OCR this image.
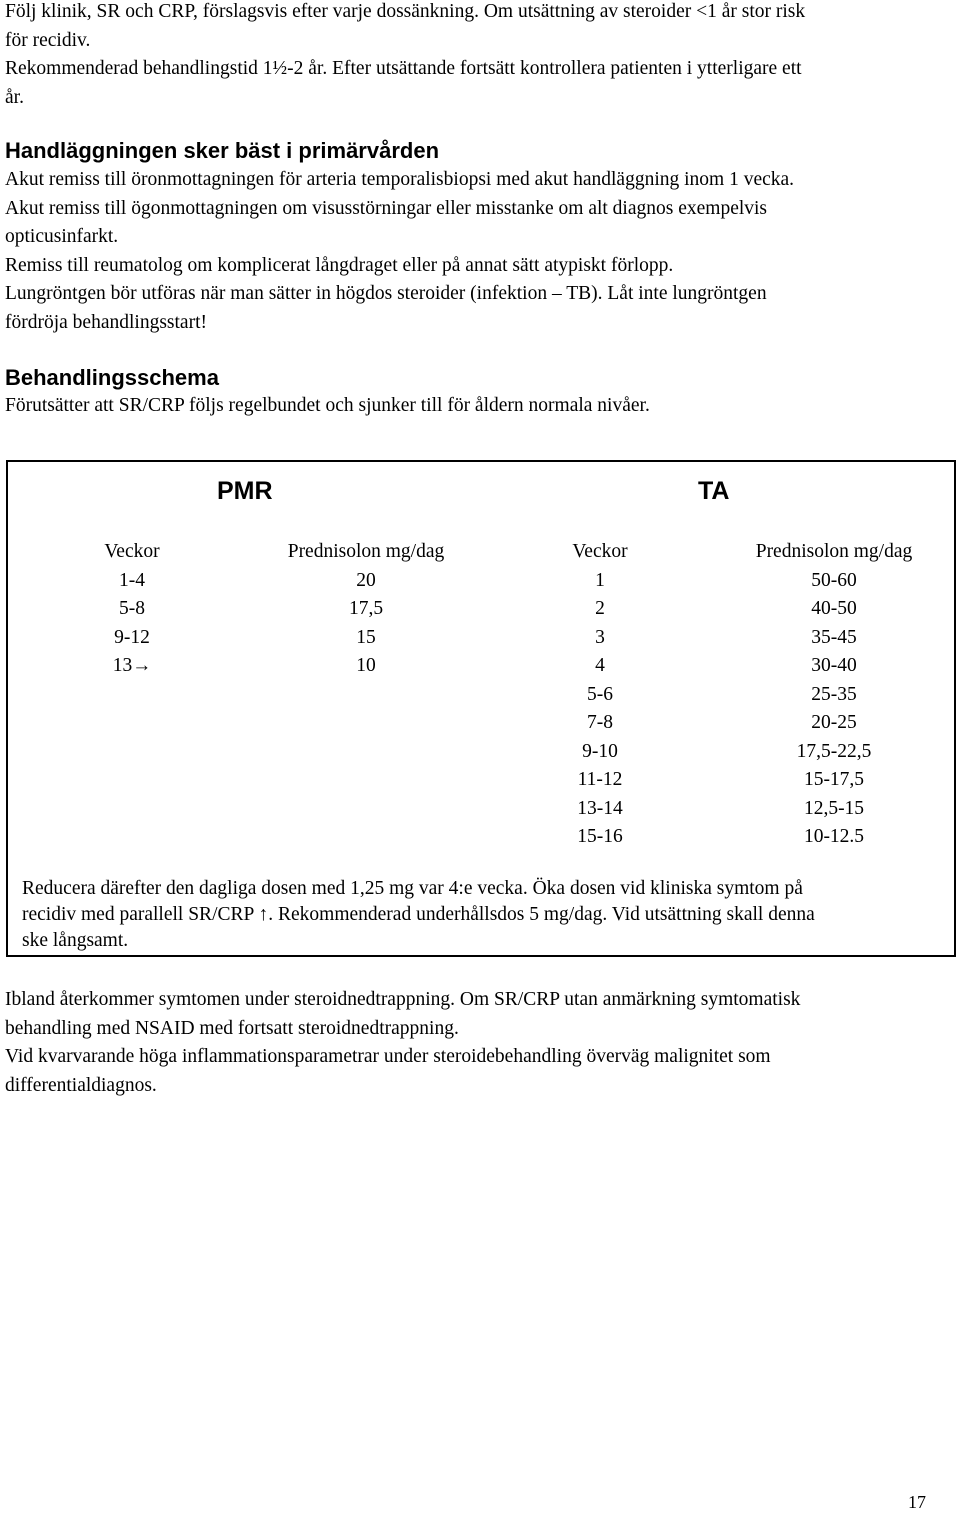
Följ klinik, SR och CRP, förslagsvis efter varje dossänkning. Om utsättning av steroider <1 år stor risk
för recidiv.
Rekommenderad behandlingstid 1½-2 år. Efter utsättande fortsätt kontrollera patienten i ytterligare ett
år.
Handläggningen sker bäst i primärvården
Akut remiss till öronmottagningen för arteria temporalisbiopsi med akut handläggning inom 1 vecka.
Akut remiss till ögonmottagningen om visusstörningar eller misstanke om alt diagnos exempelvis
opticusinfarkt.
Remiss till reumatolog om komplicerat långdraget eller på annat sätt atypiskt förlopp.
Lungröntgen bör utföras när man sätter in högdos steroider (infektion – TB). Låt inte lungröntgen
fördröja behandlingsstart!
Behandlingsschema
Förutsätter att SR/CRP följs regelbundet och sjunker till för åldern normala nivåer.
PMR	TA
Veckor
1-4
5-8
9-12
13→
Prednisolon mg/dag
20
17,5
15
10
Veckor
1
2
3
4
5-6
7-8
9-10
11-12
13-14
15-16
Prednisolon mg/dag
50-60
40-50
35-45
30-40
25-35
20-25
17,5-22,5
15-17,5
12,5-15
10-12.5
Reducera därefter den dagliga dosen med 1,25 mg var 4:e vecka. Öka dosen vid kliniska symtom på
recidiv med parallell SR/CRP ↑. Rekommenderad underhållsdos 5 mg/dag. Vid utsättning skall denna
ske långsamt.
Ibland återkommer symtomen under steroidnedtrappning. Om SR/CRP utan anmärkning symtomatisk
behandling med NSAID med fortsatt steroidnedtrappning.
Vid kvarvarande höga inflammationsparametrar under steroidebehandling överväg malignitet som
differentialdiagnos.
17
